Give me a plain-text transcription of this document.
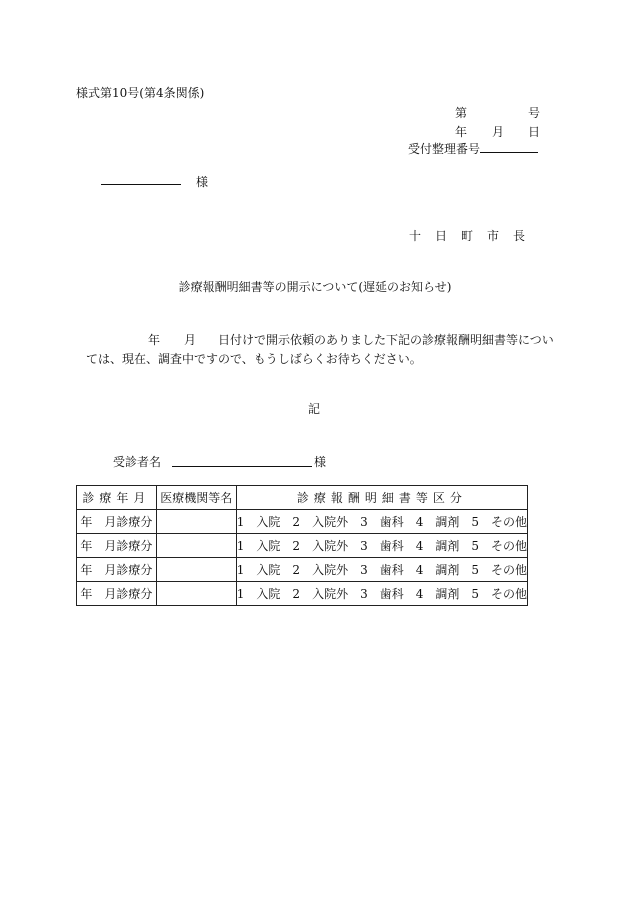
様式第10号(第4条関係)
第	号
年 月 日
受付整理番号
様
十日町市長
診療報酬明細書等の開示について(遅延のお知らせ)
年 月 日付けで開示依頼のありました下記の診療報酬明細書等につい
ては、現在、調査中ですので、もうしばらくお待ちください。
記
受診者名	様
診療年月	医療機関等名	診療報酬明細書等区分
年　月診療分		1　入院　2　入院外　3　歯科　4　調剤　5　その他
年　月診療分		1　入院　2　入院外　3　歯科　4　調剤　5　その他
年　月診療分		1　入院　2　入院外　3　歯科　4　調剤　5　その他
年　月診療分		1　入院　2　入院外　3　歯科　4　調剤　5　その他
